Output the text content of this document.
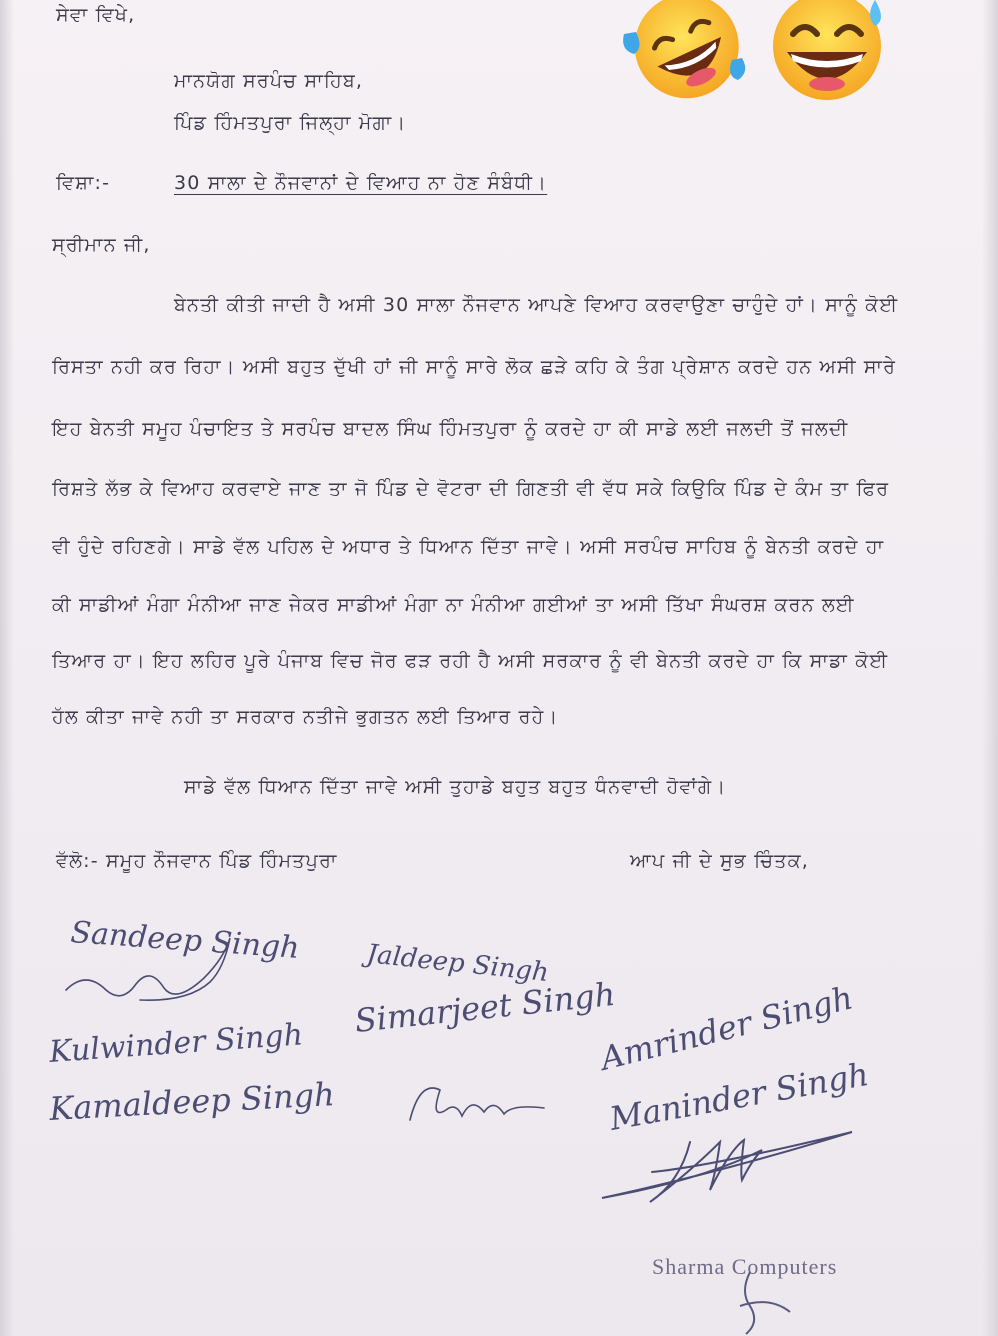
ਸੇਵਾ ਵਿਖੇ,
ਮਾਨਯੋਗ ਸਰਪੰਚ ਸਾਹਿਬ,
ਪਿੰਡ ਹਿੰਮਤਪੁਰਾ ਜਿਲ੍ਹਾ ਮੋਗਾ।
ਵਿਸ਼ਾ:-	30 ਸਾਲਾ ਦੇ ਨੌਜਵਾਨਾਂ ਦੇ ਵਿਆਹ ਨਾ ਹੋਣ ਸੰਬੰਧੀ।
ਸ੍ਰੀਮਾਨ ਜੀ,
ਬੇਨਤੀ ਕੀਤੀ ਜਾਦੀ ਹੈ ਅਸੀ 30 ਸਾਲਾ ਨੌਜਵਾਨ ਆਪਣੇ ਵਿਆਹ ਕਰਵਾਉਣਾ ਚਾਹੁੰਦੇ ਹਾਂ। ਸਾਨੂੰ ਕੋਈ
ਰਿਸਤਾ ਨਹੀ ਕਰ ਰਿਹਾ। ਅਸੀ ਬਹੁਤ ਦੁੱਖੀ ਹਾਂ ਜੀ ਸਾਨੂੰ ਸਾਰੇ ਲੋਕ ਛੜੇ ਕਹਿ ਕੇ ਤੰਗ ਪ੍ਰੇਸ਼ਾਨ ਕਰਦੇ ਹਨ ਅਸੀ ਸਾਰੇ
ਇਹ ਬੇਨਤੀ ਸਮੂਹ ਪੰਚਾਇਤ ਤੇ ਸਰਪੰਚ ਬਾਦਲ ਸਿੰਘ ਹਿੰਮਤਪੁਰਾ ਨੂੰ ਕਰਦੇ ਹਾ ਕੀ ਸਾਡੇ ਲਈ ਜਲਦੀ ਤੋਂ ਜਲਦੀ
ਰਿਸ਼ਤੇ ਲੱਭ ਕੇ ਵਿਆਹ ਕਰਵਾਏ ਜਾਣ ਤਾ ਜੋ ਪਿੰਡ ਦੇ ਵੋਟਰਾ ਦੀ ਗਿਣਤੀ ਵੀ ਵੱਧ ਸਕੇ ਕਿਉਕਿ ਪਿੰਡ ਦੇ ਕੰਮ ਤਾ ਫਿਰ
ਵੀ ਹੁੰਦੇ ਰਹਿਣਗੇ। ਸਾਡੇ ਵੱਲ ਪਹਿਲ ਦੇ ਅਧਾਰ ਤੇ ਧਿਆਨ ਦਿੱਤਾ ਜਾਵੇ। ਅਸੀ ਸਰਪੰਚ ਸਾਹਿਬ ਨੂੰ ਬੇਨਤੀ ਕਰਦੇ ਹਾ
ਕੀ ਸਾਡੀਆਂ ਮੰਗਾ ਮੰਨੀਆ ਜਾਣ ਜੇਕਰ ਸਾਡੀਆਂ ਮੰਗਾ ਨਾ ਮੰਨੀਆ ਗਈਆਂ ਤਾ ਅਸੀ ਤਿੱਖਾ ਸੰਘਰਸ਼ ਕਰਨ ਲਈ
ਤਿਆਰ ਹਾ। ਇਹ ਲਹਿਰ ਪੂਰੇ ਪੰਜਾਬ ਵਿਚ ਜੋਰ ਫੜ ਰਹੀ ਹੈ ਅਸੀ ਸਰਕਾਰ ਨੂੰ ਵੀ ਬੇਨਤੀ ਕਰਦੇ ਹਾ ਕਿ ਸਾਡਾ ਕੋਈ
ਹੱਲ ਕੀਤਾ ਜਾਵੇ ਨਹੀ ਤਾ ਸਰਕਾਰ ਨਤੀਜੇ ਭੁਗਤਨ ਲਈ ਤਿਆਰ ਰਹੇ।
ਸਾਡੇ ਵੱਲ ਧਿਆਨ ਦਿੱਤਾ ਜਾਵੇ ਅਸੀ ਤੁਹਾਡੇ ਬਹੁਤ ਬਹੁਤ ਧੰਨਵਾਦੀ ਹੋਵਾਂਗੇ।
ਵੱਲੋ:- ਸਮੂਹ ਨੌਜਵਾਨ ਪਿੰਡ ਹਿੰਮਤਪੁਰਾ	ਆਪ ਜੀ ਦੇ ਸੁਭ ਚਿੰਤਕ,
Sandeep Singh Jaldeep Singh
Kulwinder Singh
Simarjeet Singh
Amrinder Singh
Kamaldeep Singh	Maninder Singh
Sharma Computers
